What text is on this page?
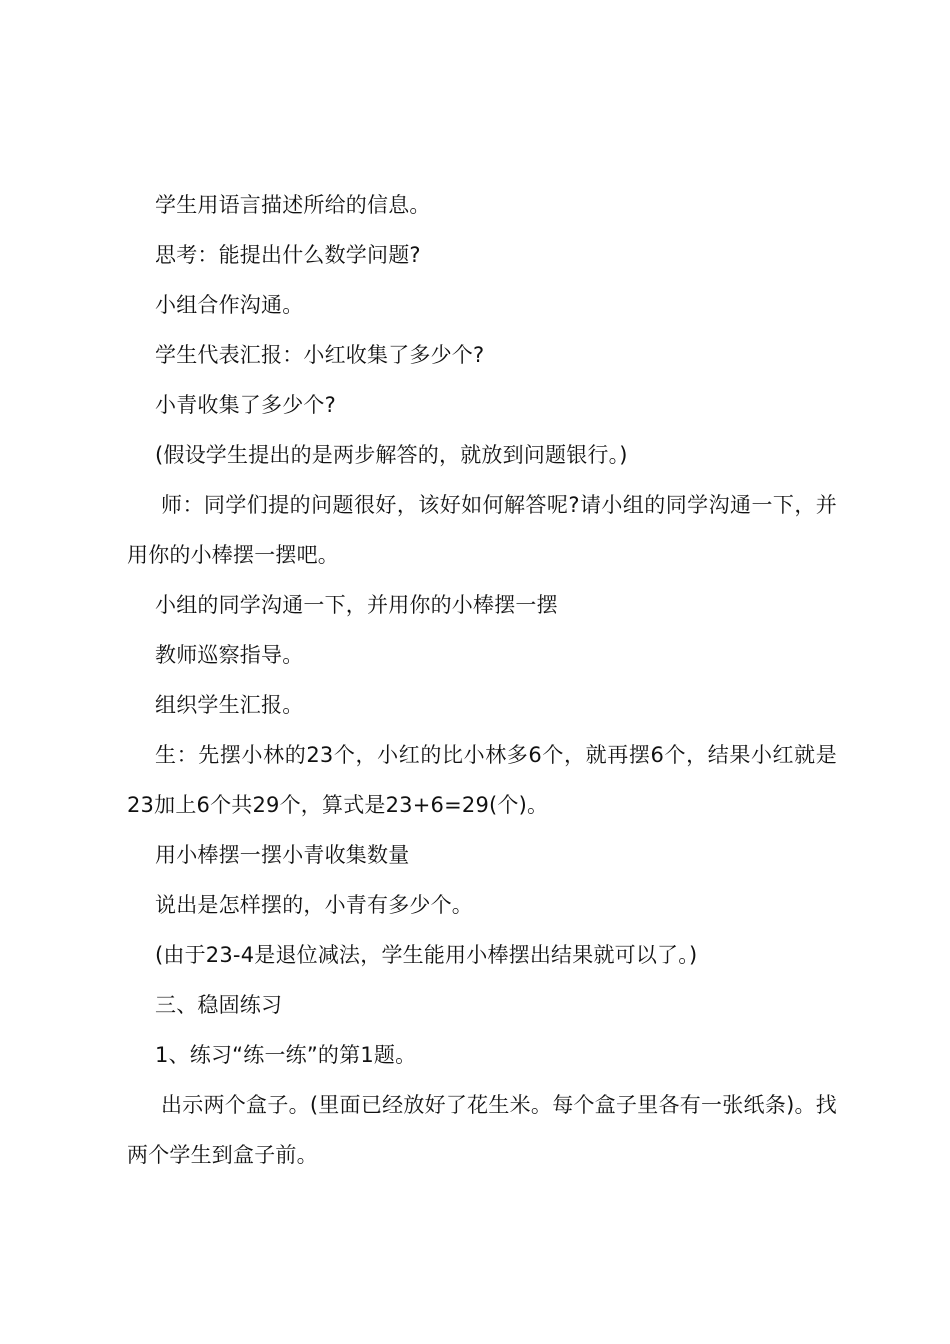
学生用语言描述所给的信息。

思考：能提出什么数学问题?

小组合作沟通。

学生代表汇报：小红收集了多少个?

小青收集了多少个?

(假设学生提出的是两步解答的，就放到问题银行。)

师：同学们提的问题很好，该好如何解答呢?请小组的同学沟通一下，并用你的小棒摆一摆吧。

小组的同学沟通一下，并用你的小棒摆一摆

教师巡察指导。

组织学生汇报。

生：先摆小林的23个，小红的比小林多6个，就再摆6个，结果小红就是23加上6个共29个，算式是23+6=29(个)。

用小棒摆一摆小青收集数量

说出是怎样摆的，小青有多少个。

(由于23-4是退位减法，学生能用小棒摆出结果就可以了。)

三、稳固练习

1、练习“练一练”的第1题。

出示两个盒子。(里面已经放好了花生米。每个盒子里各有一张纸条)。找两个学生到盒子前。
